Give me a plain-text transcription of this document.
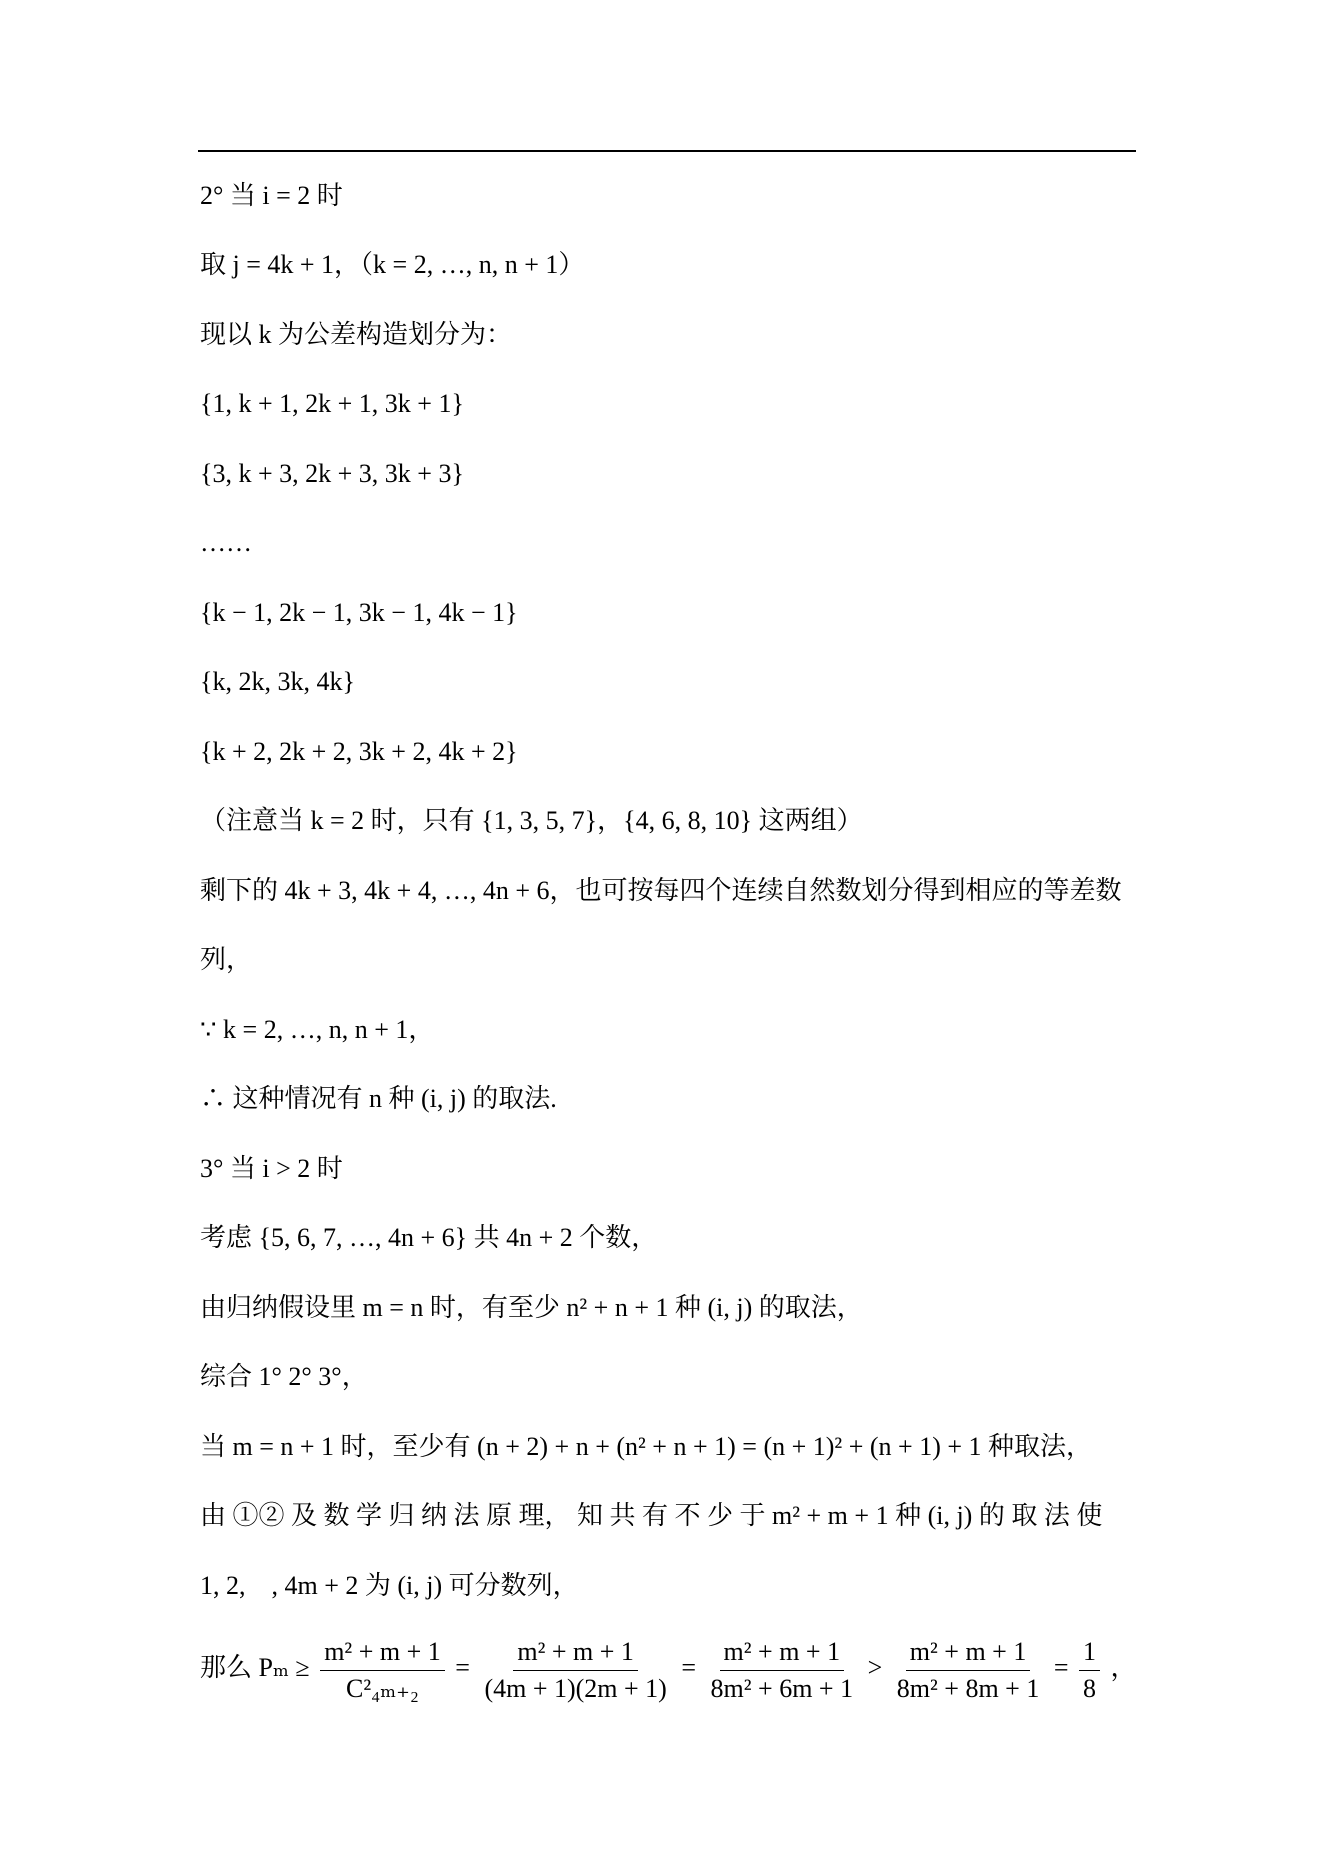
2° 当 i = 2 时
取 j = 4k + 1，（k = 2, …, n, n + 1）
现以 k 为公差构造划分为：
{1, k + 1, 2k + 1, 3k + 1}
{3, k + 3, 2k + 3, 3k + 3}
……
{k − 1, 2k − 1, 3k − 1, 4k − 1}
{k, 2k, 3k, 4k}
{k + 2, 2k + 2, 3k + 2, 4k + 2}
（注意当 k = 2 时，只有 {1, 3, 5, 7}，{4, 6, 8, 10} 这两组）
剩下的 4k + 3, 4k + 4, …, 4n + 6，也可按每四个连续自然数划分得到相应的等差数
列，
∵ k = 2, …, n, n + 1，
∴ 这种情况有 n 种 (i, j) 的取法.
3° 当 i > 2 时
考虑 {5, 6, 7, …, 4n + 6} 共 4n + 2 个数，
由归纳假设里 m = n 时，有至少 n² + n + 1 种 (i, j) 的取法，
综合 1° 2° 3°，
当 m = n + 1 时，至少有 (n + 2) + n + (n² + n + 1) = (n + 1)² + (n + 1) + 1 种取法，
由 ①② 及 数 学 归 纳 法 原 理， 知 共 有 不 少 于 m² + m + 1 种 (i, j) 的 取 法 使
1, 2,　, 4m + 2 为 (i, j) 可分数列，
那么 $P_m \ge \frac{\text{m² + m + 1}}{\text{C²₄ₘ₊₂}} = \frac{\text{m² + m + 1}}{(4m + 1)(2m + 1)} = \frac{\text{m² + m + 1}}{\text{8m² + 6m + 1}} > \frac{\text{m² + m + 1}}{\text{8m² + 8m + 1}} = \frac{1}{8}$ ，
